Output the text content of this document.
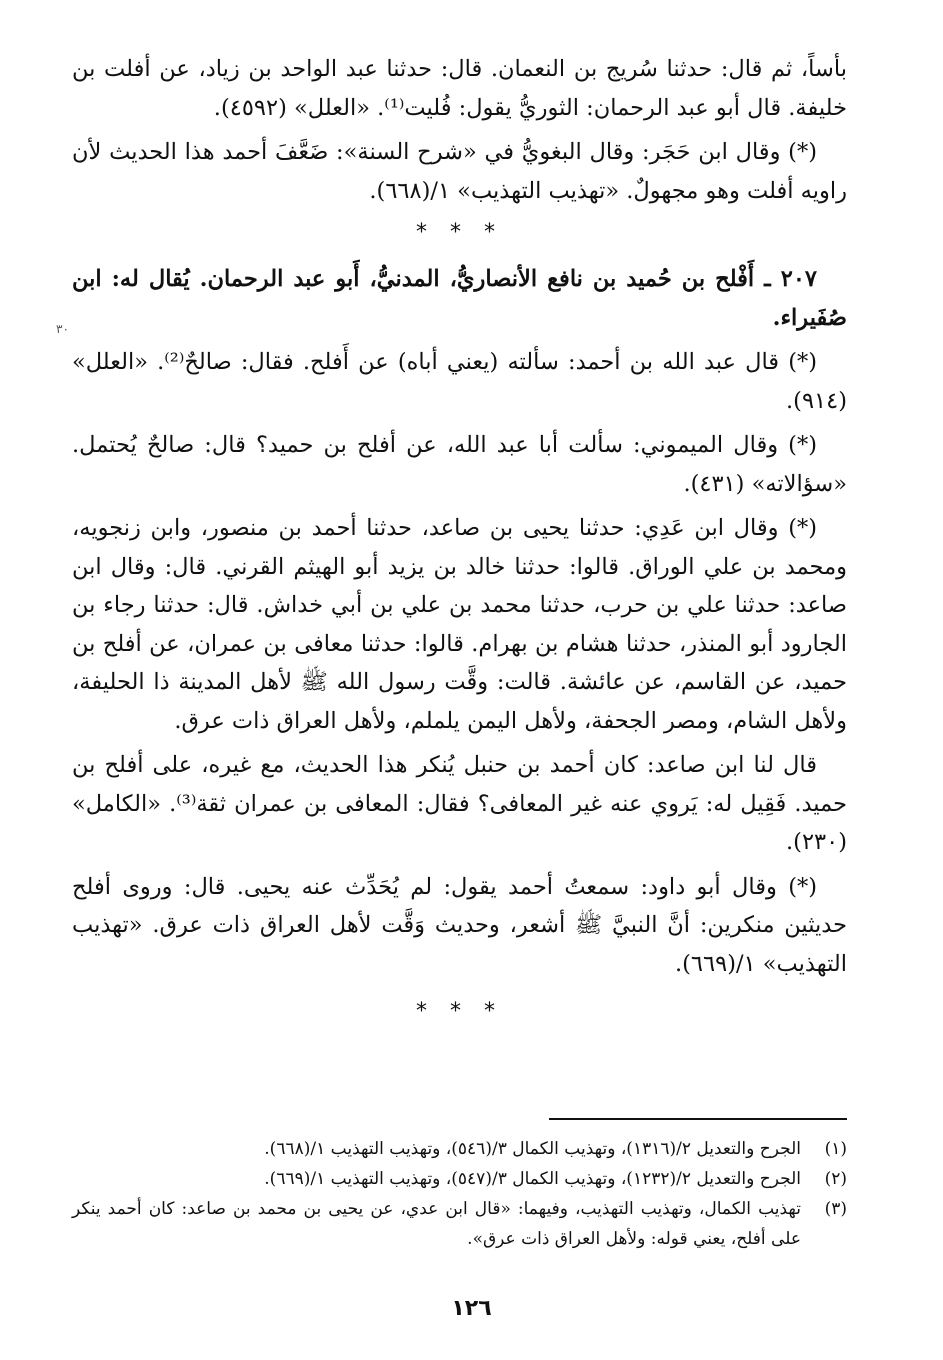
بأساً، ثم قال: حدثنا سُريج بن النعمان. قال: حدثنا عبد الواحد بن زياد، عن أفلت بن خليفة. قال أبو عبد الرحمان: الثوريُّ يقول: فُليت⁽¹⁾. «العلل» (٤٥٩٢).

(*) وقال ابن حَجَر: وقال البغويُّ في «شرح السنة»: ضَعَّفَ أحمد هذا الحديث لأن راويه أفلت وهو مجهولٌ. «تهذيب التهذيب» ١/(٦٦٨).

* * *

٢٠٧ ـ أَفْلح بن حُميد بن نافع الأنصاريُّ، المدنيُّ، أَبو عبد الرحمان. يُقال له: ابن صُفَيراء.

(*) قال عبد الله بن أحمد: سألته (يعني أباه) عن أَفلح. فقال: صالحٌ⁽²⁾. «العلل» (٩١٤).

(*) وقال الميموني: سألت أبا عبد الله، عن أفلح بن حميد؟ قال: صالحٌ يُحتمل. «سؤالاته» (٤٣١).

(*) وقال ابن عَدِي: حدثنا يحيى بن صاعد، حدثنا أحمد بن منصور، وابن زنجويه، ومحمد بن علي الوراق. قالوا: حدثنا خالد بن يزيد أبو الهيثم القرني. قال: وقال ابن صاعد: حدثنا علي بن حرب، حدثنا محمد بن علي بن أبي خداش. قال: حدثنا رجاء بن الجارود أبو المنذر، حدثنا هشام بن بهرام. قالوا: حدثنا معافى بن عمران، عن أفلح بن حميد، عن القاسم، عن عائشة. قالت: وقَّت رسول الله ﷺ لأهل المدينة ذا الحليفة، ولأهل الشام، ومصر الجحفة، ولأهل اليمن يلملم، ولأهل العراق ذات عرق.

قال لنا ابن صاعد: كان أحمد بن حنبل يُنكر هذا الحديث، مع غيره، على أفلح بن حميد. فَقِيل له: يَروي عنه غير المعافى؟ فقال: المعافى بن عمران ثقة⁽³⁾. «الكامل» (٢٣٠).

(*) وقال أبو داود: سمعتُ أحمد يقول: لم يُحَدِّث عنه يحيى. قال: وروى أفلح حديثين منكرين: أنَّ النبيَّ ﷺ أشعر، وحديث وَقَّت لأهل العراق ذات عرق. «تهذيب التهذيب» ١/(٦٦٩).

* * *
٣٠
(١)
الجرح والتعديل ٢/(١٣١٦)، وتهذيب الكمال ٣/(٥٤٦)، وتهذيب التهذيب ١/(٦٦٨).
(٢)
الجرح والتعديل ٢/(١٢٣٢)، وتهذيب الكمال ٣/(٥٤٧)، وتهذيب التهذيب ١/(٦٦٩).
(٣)
تهذيب الكمال، وتهذيب التهذيب، وفيهما: «قال ابن عدي، عن يحيى بن محمد بن صاعد: كان أحمد ينكر على أفلح، يعني قوله: ولأهل العراق ذات عرق».
١٢٦
